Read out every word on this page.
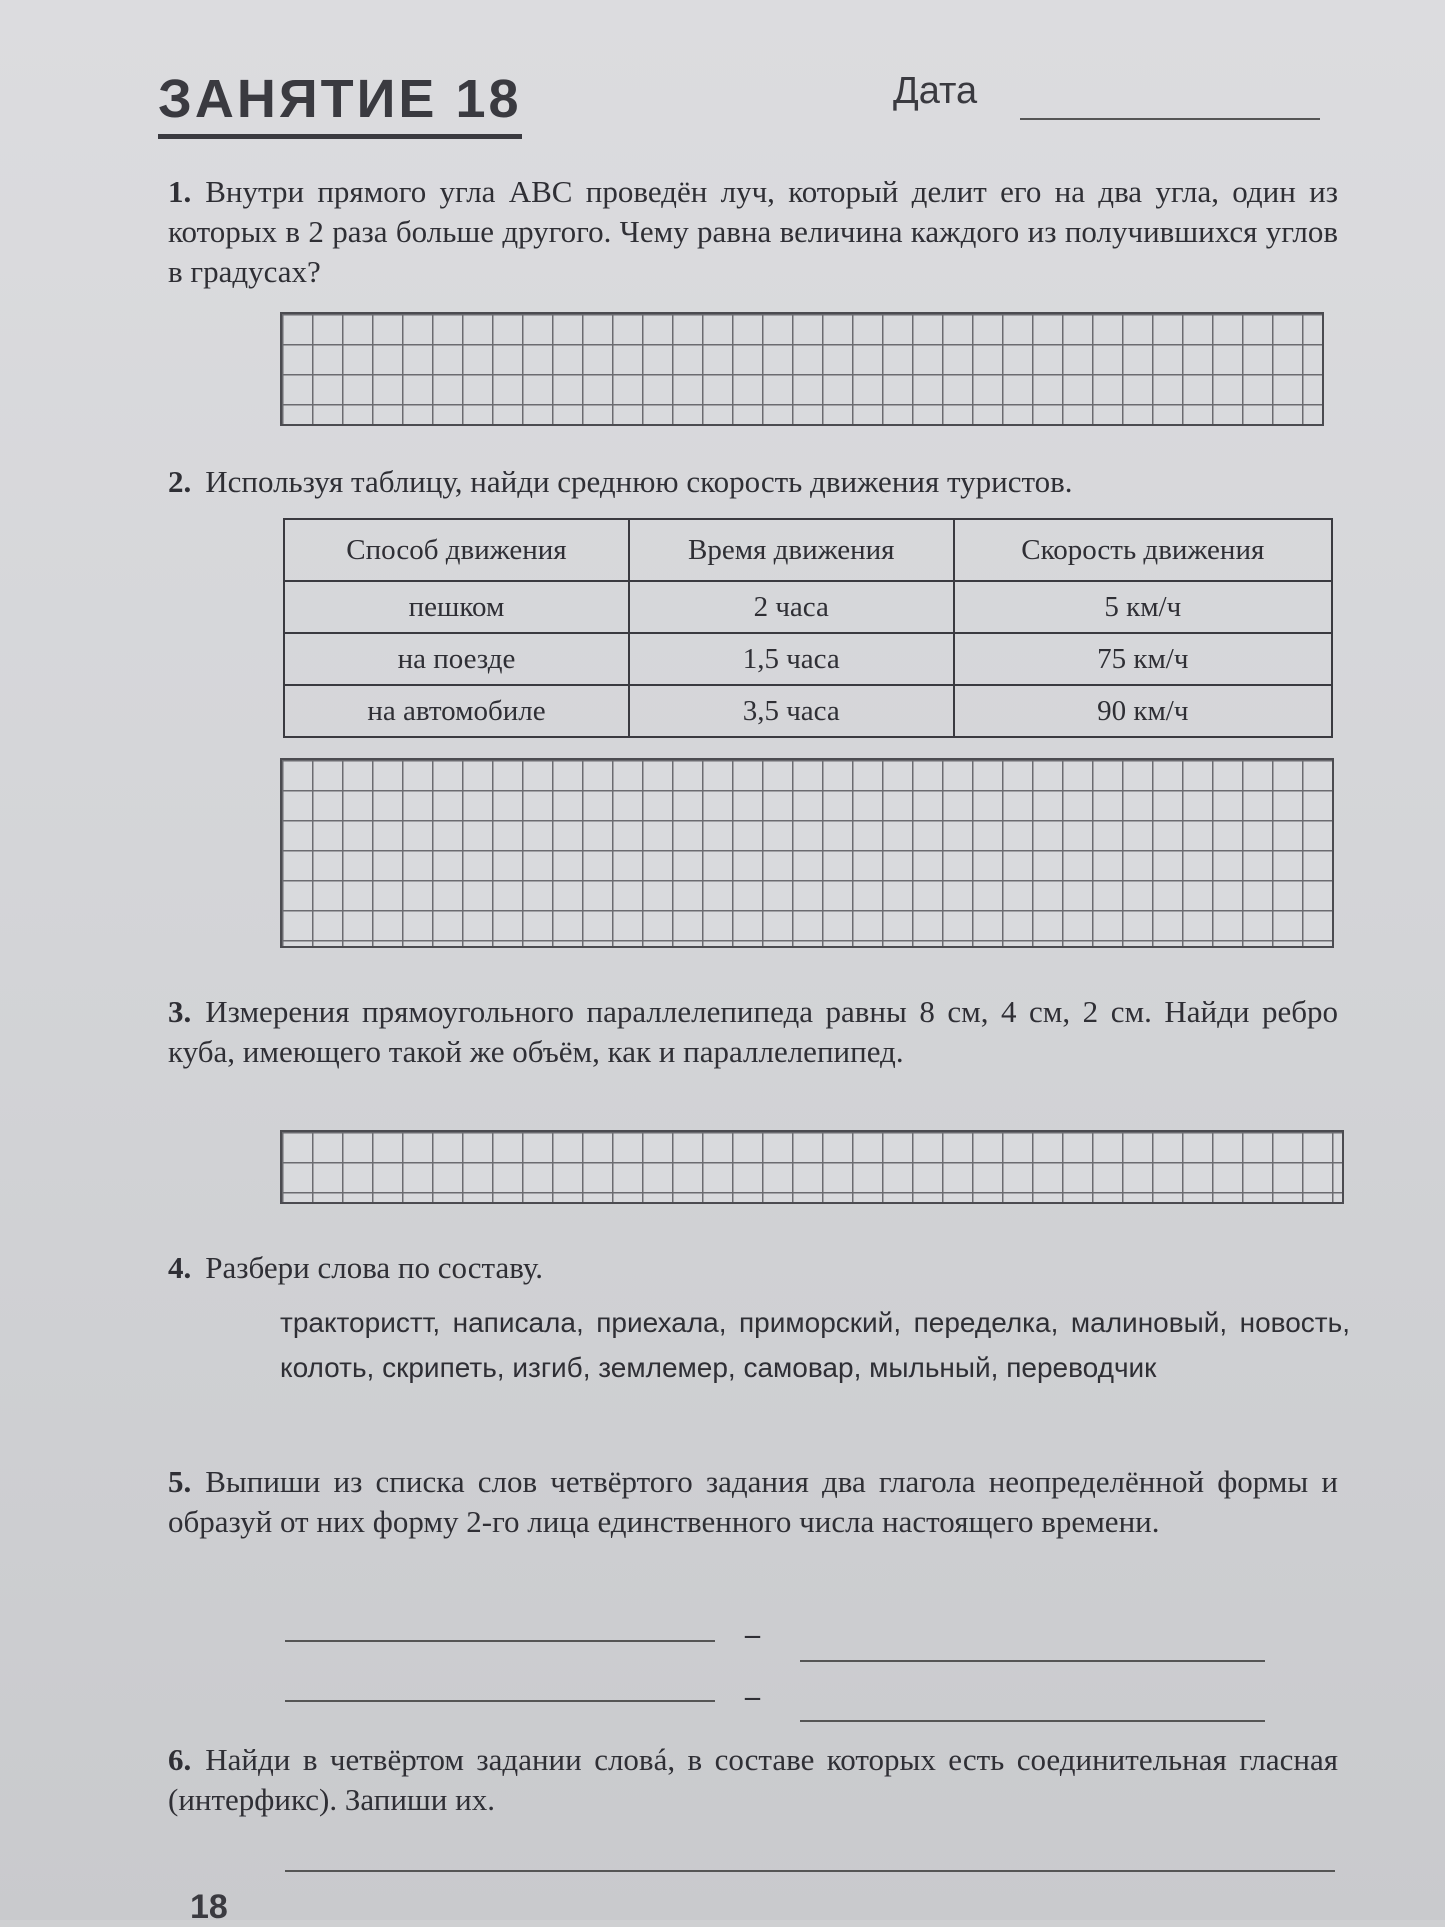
ЗАНЯТИЕ 18	Дата
1. Внутри прямого угла ABC проведён луч, который делит его на два угла, один из которых в 2 раза больше другого. Чему равна величина каждого из получившихся углов в градусах?
2. Используя таблицу, найди среднюю скорость движения туристов.
Способ движения	Время движения	Скорость движения
пешком	2 часа	5 км/ч
на поезде	1,5 часа	75 км/ч
на автомобиле	3,5 часа	90 км/ч
3. Измерения прямоугольного параллелепипеда равны 8 см, 4 см, 2 см. Найди ребро куба, имеющего такой же объём, как и параллелепипед.
4. Разбери слова по составу.
трактористт, написала, приехала, приморский, переделка, малиновый, новость, колоть, скрипеть, изгиб, землемер, самовар, мыльный, переводчик
5. Выпиши из списка слов четвёртого задания два глагола неопределённой формы и образуй от них форму 2-го лица единственного числа настоящего времени.
–
–
6. Найди в четвёртом задании словá, в составе которых есть соединительная гласная (интерфикс). Запиши их.
18
